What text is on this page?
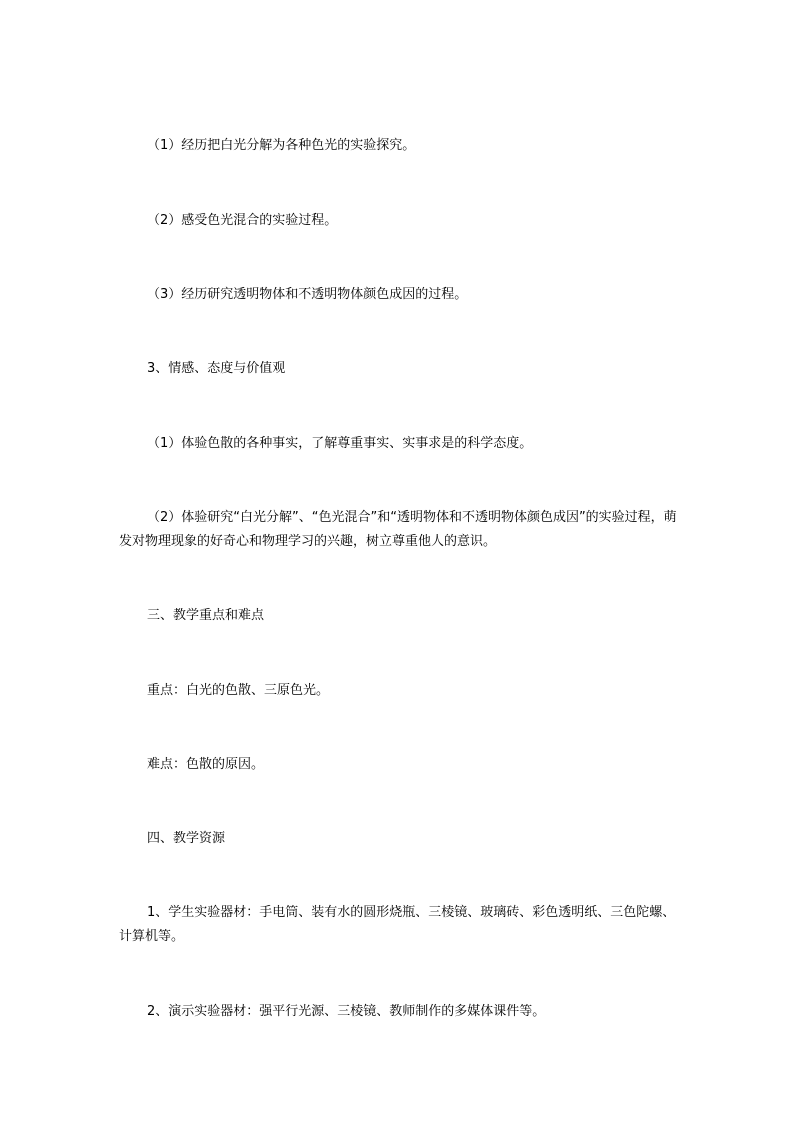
（1）经历把白光分解为各种色光的实验探究。

（2）感受色光混合的实验过程。

（3）经历研究透明物体和不透明物体颜色成因的过程。

3、情感、态度与价值观

（1）体验色散的各种事实，了解尊重事实、实事求是的科学态度。

（2）体验研究“白光分解”、“色光混合”和“透明物体和不透明物体颜色成因”的实验过程，萌发对物理现象的好奇心和物理学习的兴趣，树立尊重他人的意识。

三、教学重点和难点

重点：白光的色散、三原色光。

难点：色散的原因。

四、教学资源

1、学生实验器材：手电筒、装有水的圆形烧瓶、三棱镜、玻璃砖、彩色透明纸、三色陀螺、计算机等。

2、演示实验器材：强平行光源、三棱镜、教师制作的多媒体课件等。
